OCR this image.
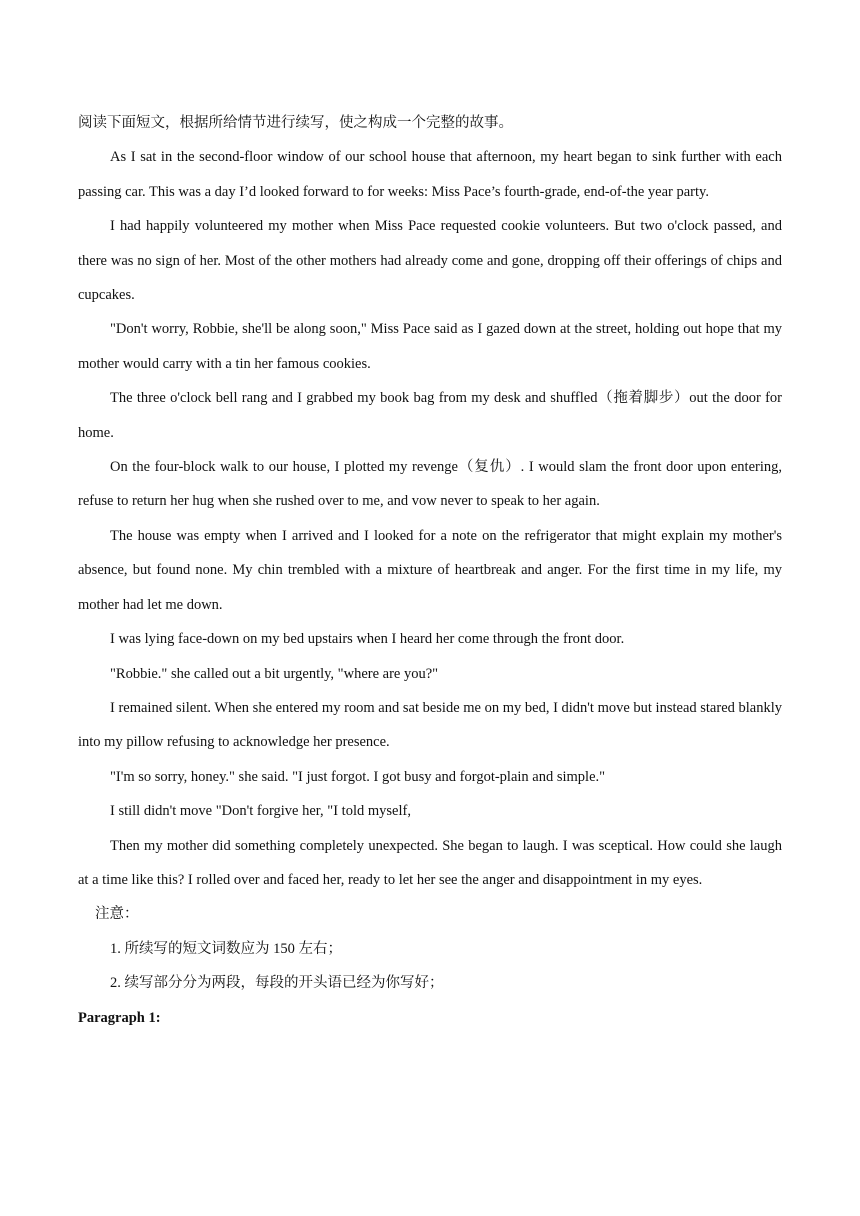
阅读下面短文，根据所给情节进行续写，使之构成一个完整的故事。

As I sat in the second-floor window of our school house that afternoon, my heart began to sink further with each passing car. This was a day I’d looked forward to for weeks: Miss Pace’s fourth-grade, end-of-the year party.

I had happily volunteered my mother when Miss Pace requested cookie volunteers. But two o'clock passed, and there was no sign of her. Most of the other mothers had already come and gone, dropping off their offerings of chips and cupcakes.

"Don't worry, Robbie, she'll be along soon," Miss Pace said as I gazed down at the street, holding out hope that my mother would carry with a tin her famous cookies.

The three o'clock bell rang and I grabbed my book bag from my desk and shuffled（拖着脚步）out the door for home.

On the four-block walk to our house, I plotted my revenge（复仇）. I would slam the front door upon entering, refuse to return her hug when she rushed over to me, and vow never to speak to her again.

The house was empty when I arrived and I looked for a note on the refrigerator that might explain my mother's absence, but found none. My chin trembled with a mixture of heartbreak and anger. For the first time in my life, my mother had let me down.

I was lying face-down on my bed upstairs when I heard her come through the front door.

"Robbie." she called out a bit urgently, "where are you?"

I remained silent. When she entered my room and sat beside me on my bed, I didn't move but instead stared blankly into my pillow refusing to acknowledge her presence.

"I'm so sorry, honey." she said. "I just forgot. I got busy and forgot-plain and simple."

I still didn't move "Don't forgive her, "I told myself,

Then my mother did something completely unexpected. She began to laugh. I was sceptical. How could she laugh at a time like this? I rolled over and faced her, ready to let her see the anger and disappointment in my eyes.

注意：

1. 所续写的短文词数应为 150 左右；

2. 续写部分分为两段，每段的开头语已经为你写好；

Paragraph 1:
